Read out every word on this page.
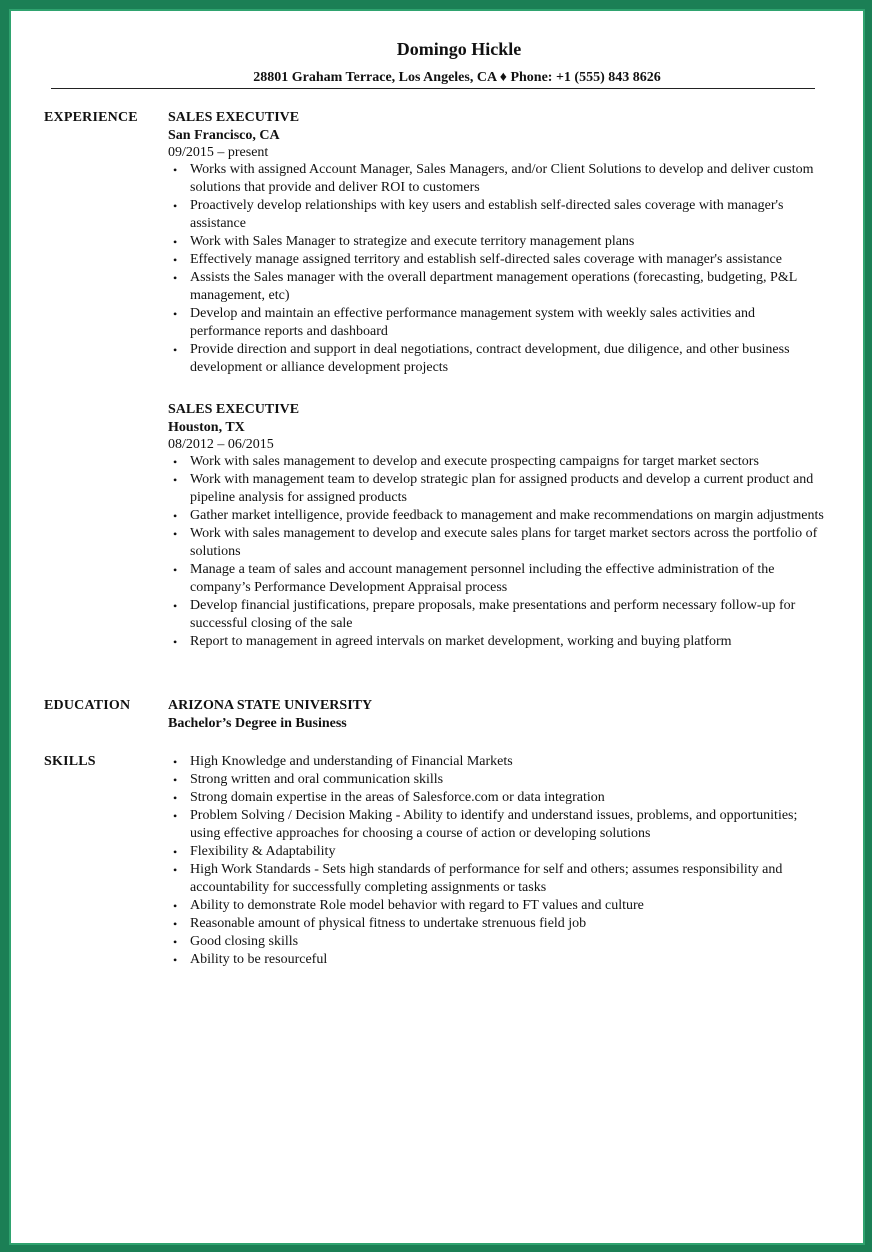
Domingo Hickle
28801 Graham Terrace, Los Angeles, CA ♦ Phone: +1 (555) 843 8626
EXPERIENCE SALES EXECUTIVE
San Francisco, CA
09/2015 – present
• Works with assigned Account Manager, Sales Managers, and/or Client Solutions to develop and deliver custom solutions that provide and deliver ROI to customers
• Proactively develop relationships with key users and establish self-directed sales coverage with manager's assistance
• Work with Sales Manager to strategize and execute territory management plans
• Effectively manage assigned territory and establish self-directed sales coverage with manager's assistance
• Assists the Sales manager with the overall department management operations (forecasting, budgeting, P&L management, etc)
• Develop and maintain an effective performance management system with weekly sales activities and performance reports and dashboard
• Provide direction and support in deal negotiations, contract development, due diligence, and other business development or alliance development projects
SALES EXECUTIVE
Houston, TX
08/2012 – 06/2015
• Work with sales management to develop and execute prospecting campaigns for target market sectors
• Work with management team to develop strategic plan for assigned products and develop a current product and pipeline analysis for assigned products
• Gather market intelligence, provide feedback to management and make recommendations on margin adjustments
• Work with sales management to develop and execute sales plans for target market sectors across the portfolio of solutions
• Manage a team of sales and account management personnel including the effective administration of the company’s Performance Development Appraisal process
• Develop financial justifications, prepare proposals, make presentations and perform necessary follow-up for successful closing of the sale
• Report to management in agreed intervals on market development, working and buying platform
EDUCATION	ARIZONA STATE UNIVERSITY
Bachelor’s Degree in Business
SKILLS
•	High Knowledge and understanding of Financial Markets
• Strong written and oral communication skills
• Strong domain expertise in the areas of Salesforce.com or data integration
• Problem Solving / Decision Making - Ability to identify and understand issues, problems, and opportunities; using effective approaches for choosing a course of action or developing solutions
• Flexibility & Adaptability
• High Work Standards - Sets high standards of performance for self and others; assumes responsibility and accountability for successfully completing assignments or tasks
• Ability to demonstrate Role model behavior with regard to FT values and culture
• Reasonable amount of physical fitness to undertake strenuous field job
• Good closing skills
• Ability to be resourceful
